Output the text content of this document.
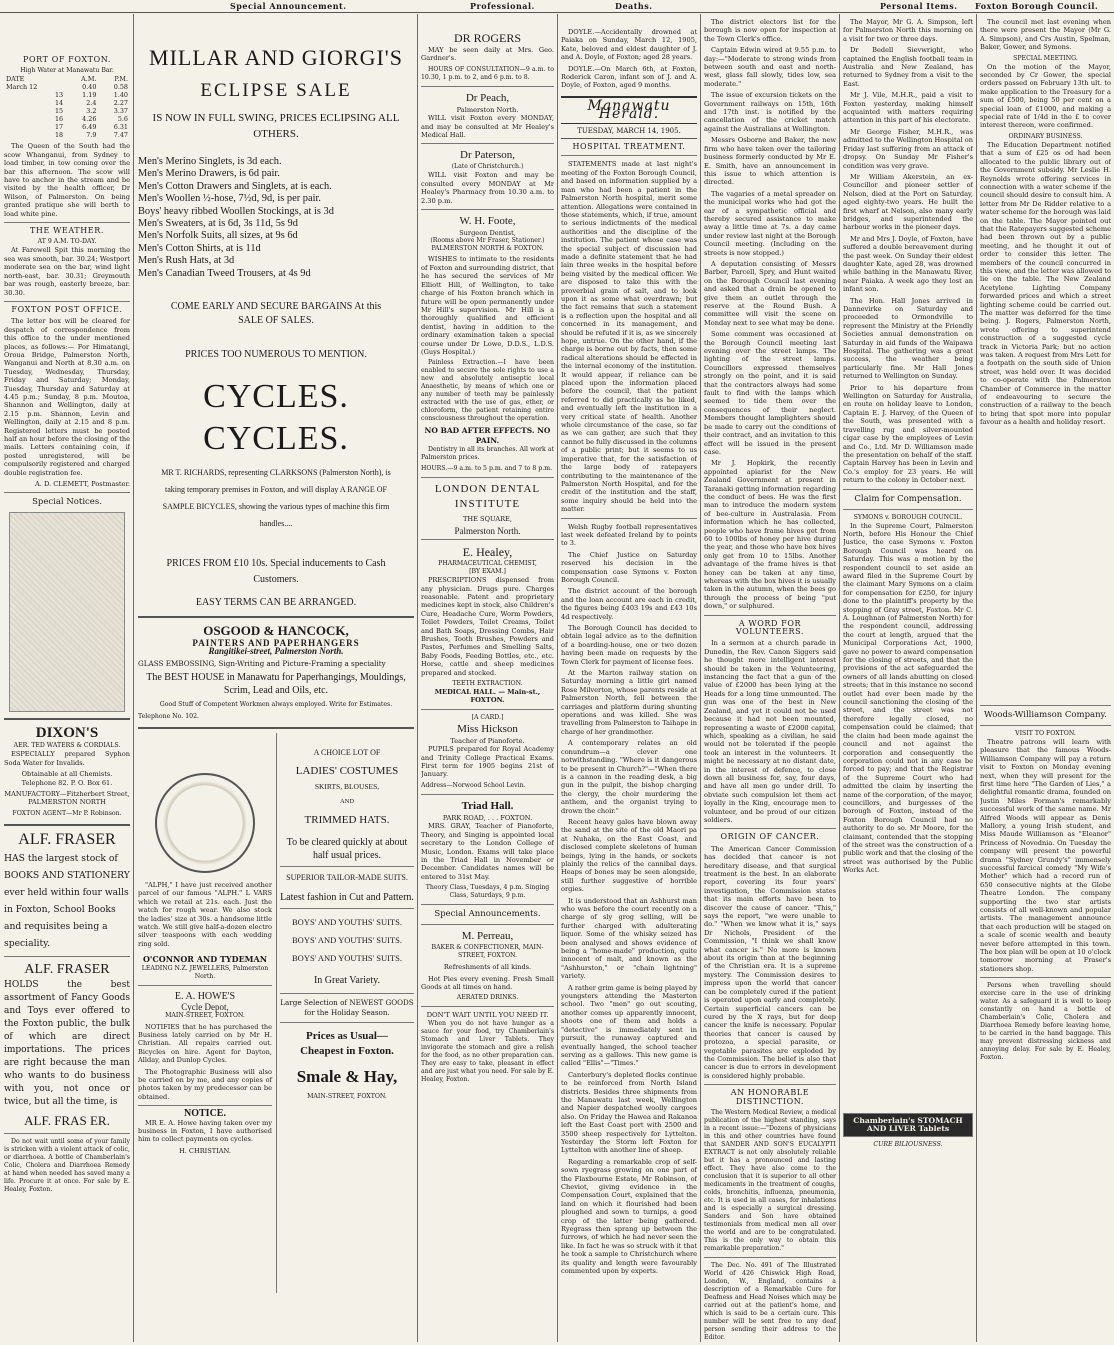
Special Announcement.	Professional.	Deaths.	Personal Items. Foxton Borough Council.
PORT OF FOXTON.
High Water at Manawatu Bar.
DATE	A.M.	P.M.
March 12	0.40	0.58
13	1.19	1.40
14	2.4	2.27
15	3.2	3.37
16	4.26	5.6
17	6.49	6.31
18	7.9	7.47

The Queen of the South had the scow Whanganui, from Sydney to load timber, in tow coming over the bar this afternoon. The scow will have to anchor in the stream and be visited by the health officer, Dr Wilson, of Palmerston. On being granted pratique she will berth to load white pine.

THE WEATHER.
AT 9 A.M. TO-DAY.

At Farewell Spit this morning the sea was smooth, bar. 30.24; Westport moderate sea on the bar, wind light north-east, bar. 30.31; Greymouth bar was rough, easterly breeze, bar. 30.30.

FOXTON POST OFFICE.

The letter box will be cleared for despatch of correspondence from this office to the under mentioned places, as follows:— For Himatangi, Oroua Bridge, Palmerston North, Wanganui and North at 8.30 a.m. on Tuesday, Wednesday, Thursday, Friday and Saturday; Monday, Tuesday, Thursday and Saturday at 4.45 p.m.; Sunday, 8 p.m. Moutoa, Shannon and Wellington, daily at 2.15 p.m. Shannon, Levin and Wellington, daily at 2.15 and 8 p.m. Registered letters must be posted half an hour before the closing of the mails. Letters containing coin, if posted unregistered, will be compulsorily registered and charged double registration fee.

A. D. CLEMETT, Postmaster.
Special Notices.
DIXON'S
AER. TED WATERS & CORDIALS.

ESPECIALLY prepared Syphon Soda Water for Invalids.

Obtainable at all Chemists.
Telephone 82. P. O. Box 61.
MANUFACTORY—Fitzherbert Street, PALMERSTON NORTH
FOXTON AGENT—Mr P. Robinson.
ALF. FRASER
HAS the largest stock of BOOKS AND STATIONERY ever held within four walls in Foxton, School Books and requisites being a speciality.
ALF. FRASER
HOLDS the best assortment of Fancy Goods and Toys ever offered to the Foxton public, the bulk of which are direct importations. The prices are right because the man who wants to do business with you, not once or twice, but all the time, is
ALF. FRAS ER.

Do not wait until some of your family is stricken with a violent attack of colic, or diarrhoea. A bottle of Chamberlain's Colic, Cholera and Diarrhoea Remedy at hand when needed has saved many a life. Procure it at once. For sale by E. Healey, Foxton.

MILLAR AND GIORGI'S
ECLIPSE SALE
IS NOW IN FULL SWING, PRICES ECLIPSING ALL OTHERS.
Men's Merino Singlets, is 3d each.
Men's Merino Drawers, is 6d pair.
Men's Cotton Drawers and Singlets, at is each.
Men's Woollen ½-hose, 7½d, 9d, is per pair.
Boys' heavy ribbed Woollen Stockings, at is 3d
Men's Sweaters, at is 6d, 3s 11d, 5s 9d
Men's Norfolk Suits, all sizes, at 9s 6d
Men's Cotton Shirts, at is 11d
Men's Rush Hats, at 3d
Men's Canadian Tweed Trousers, at 4s 9d
COME EARLY AND SECURE BARGAINS At this SALE OF SALES.
PRICES TOO NUMEROUS TO MENTION.
CYCLES. CYCLES.
MR T. RICHARDS, representing CLARKSONS (Palmerston North), is taking temporary premises in Foxton, and will display A RANGE OF SAMPLE BICYCLES, showing the various types of machine this firm handles....
PRICES FROM £10 10s. Special inducements to Cash Customers.
EASY TERMS CAN BE ARRANGED.
OSGOOD & HANCOCK,
PAINTERS AND PAPERHANGERS
Rangitikei-street, Palmerston North.
GLASS EMBOSSING, Sign-Writing and Picture-Framing a speciality
The BEST HOUSE in Manawatu for Paperhangings, Mouldings, Scrim, Lead and Oils, etc.
Good Stuff of Competent Workmen always employed. Write for Estimates.
Telephone No. 102.

"ALPH," I have just received another parcel of our famous "ALPH." L VARS which we retail at 21s. each. Just the watch for rough wear. We also stock the ladies' size at 30s. a handsome little watch. We still give half-a-dozen electro silver teaspoons with each wedding ring sold.

O'CONNOR AND TYDEMAN
LEADING N.Z. JEWELLERS, Palmerston North.
E. A. HOWE'S
Cycle Depot,
MAIN-STREET, FOXTON.

NOTIFIES that he has purchased the Business lately carried on by Mr H. Christian. All repairs carried out. Bicycles on hire. Agent for Dayton, Allday, and Dunlop Cycles.

The Photographic Business will also be carried on by me, and any copies of photos taken by my predecessor can be obtained.

NOTICE.

MR E. A. Howe having taken over my business in Foxton, I have authorised him to collect payments on cycles.

H. CHRISTIAN.
A CHOICE LOT OF
LADIES' COSTUMES
SKIRTS, BLOUSES,
AND
TRIMMED HATS.
To be cleared quickly at about half usual prices.
SUPERIOR TAILOR-MADE SUITS.
Latest fashion in Cut and Pattern.
BOYS' AND YOUTHS' SUITS.
BOYS' AND YOUTHS' SUITS.
BOYS' AND YOUTHS' SUITS.
In Great Variety.
Large Selection of NEWEST GOODS for the Holiday Season.
Prices as Usual—
Cheapest in Foxton.
Smale & Hay,
MAIN-STREET, FOXTON.
DR ROGERS

MAY be seen daily at Mrs. Geo. Gardner's.

HOURS OF CONSULTATION—9 a.m. to 10.30, 1 p.m. to 2, and 6 p.m. to 8.

Dr Peach,
Palmerston North.

WILL visit Foxton every MONDAY, and may be consulted at Mr Healey's Medical Hall.

Dr Paterson,
(Late of Christchurch.)

WILL visit Foxton and may be consulted every MONDAY at Mr Healey's Pharmacy from 10.30 a.m. to 2.30 p.m.

W. H. Foote,
Surgeon Dentist,
(Rooms above Mr Fraser, Stationer.)
PALMERSTON NORTH & FOXTON.

WISHES to intimate to the residents of Foxton and surrounding district, that he has secured the services of Mr Elliott Hill, of Wellington, to take charge of his Foxton branch which in future will be open permanently under Mr Hill's supervision. Mr Hill is a thoroughly qualified and efficient dentist, having in addition to the ordinary examination taken a special course under Dr Lowe, D.D.S., L.D.S. (Guys Hospital.)

Painless Extraction.—I have been enabled to secure the sole rights to use a new and absolutely antiseptic local Anaesthetic, by means of which one or any number of teeth may be painlessly extracted with the use of gas, ether, or chloroform, the patient retaining entire consciousness throughout the operation.

NO BAD AFTER EFFECTS. NO PAIN.

Dentistry in all its branches. All work at Palmerston prices.

HOURS.—9 a.m. to 5 p.m. and 7 to 8 p.m.
LONDON DENTAL INSTITUTE
THE SQUARE,
Palmerston North.
E. Healey,
PHARMACEUTICAL CHEMIST,
[BY EXAM.]

PRESCRIPTIONS dispensed from any physician. Drugs pure. Charges reasonable. Patent and proprietary medicines kept in stock, also Children's Cure, Headache Cure, Worm Powders, Toilet Powders, Toilet Creams, Toilet and Bath Soaps, Dressing Combs, Hair Brushes, Tooth Brushes, Powders and Pastes, Perfumes and Smelling Salts, Baby Foods, Feeding Bottles, etc., etc. Horse, cattle and sheep medicines prepared and stocked.

TEETH EXTRACTION.
MEDICAL HALL. — Main-st., FOXTON.
[A CARD.]
Miss Hickson
Teacher of Pianoforte.

PUPILS prepared for Royal Academy and Trinity College Practical Exams. First term for 1905 begins 21st of January.

Address—Norwood School Levin.
Triad Hall.
PARK ROAD, . . . FOXTON.

MRS. GRAY, Teacher of Pianoforte, Theory, and Singing is appointed local secretary to the London College of Music, London. Exams will take place in the Triad Hall in November or December. Candidates names will be entered to 31st May.

Theory Class, Tuesdays, 4 p.m. Singing Class, Saturdays, 9 p.m.
Special Announcements.
M. Perreau,
BAKER & CONFECTIONER, MAIN-STREET, FOXTON.
Refreshments of all kinds.

Hot Pies every evening. Fresh Small Goods at all times on hand.

AERATED DRINKS.
DON'T WAIT UNTIL YOU NEED IT.

When you do not have hunger as a sauce for your food, try Chamberlain's Stomach and Liver Tablets. They invigorate the stomach and give a relish for the food, as no other preparation can. They are easy to take, pleasant in effect and are just what you need. For sale by E. Healey, Foxton.

DOYLE.—Accidentally drowned at Paiaka on Sunday, March 12, 1905, Kate, beloved and eldest daughter of J. and A. Doyle, of Foxton; aged 28 years.

DOYLE.—On March 6th, at Foxton, Roderick Caron, infant son of J. and A. Doyle, of Foxton, aged 9 months.

Manawatu Herald.
TUESDAY, MARCH 14, 1905.
HOSPITAL TREATMENT.

STATEMENTS made at last night's meeting of the Foxton Borough Council, and based on information supplied by a man who had been a patient in the Palmerston North hospital, merit some attention. Allegations were contained in those statements, which, if true, amount to serious indictments of the medical authorities and the discipline of the institution. The patient whose case was the special subject of discussion had made a definite statement that he had lain three weeks in the hospital before being visited by the medical officer. We are disposed to take this with the proverbial grain of salt, and to look upon it as some what overdrawn; but the fact remains that such a statement is a reflection upon the hospital and all concerned in its management, and should be refuted if it is, as we sincerely hope, untrue. On the other hand, if the charge is borne out by facts, then some radical alterations should be effected in the internal economy of the institution. It would appear, if reliance can be placed upon the information placed before the council, that the patient referred to did practically as he liked, and eventually left the institution in a very critical state of health. Another whole circumstance of the case, so far as we can gather, are such that they cannot be fully discussed in the columns of a public print; but it seems to us imperative that, for the satisfaction of the large body of ratepayers contributing to the maintenance of the Palmerston North Hospital, and for the credit of the institution and the staff, some inquiry should be held into the matter.

Welsh Rugby football representatives last week defeated Ireland by to points to 3.

The Chief Justice on Saturday reserved his decision in the compensation case Symons v. Foxton Borough Council.

The district account of the borough and the loan account are each in credit, the figures being £403 19s and £43 10s 4d respectively.

The Borough Council has decided to obtain legal advice as to the definition of a boarding-house, one or two dozen having been made on requests by the Town Clerk for payment of license fees.

At the Marton railway station on Saturday morning a little girl named Rose Milverton, whose parents reside at Palmerston North, fell between the carriages and platform during shunting operations and was killed. She was travelling from Palmerston to Taihape in charge of her grandmother.

A contemporary relates an old conundrum—a clever one notwithstanding. "Where is it dangerous to be present in Church?"—"When there is a cannon in the reading desk, a big gun in the pulpit, the bishop charging the clergy, the choir murdering the anthem, and the organist trying to drown the choir."

Recent heavy gales have blown away the sand at the site of the old Maori pa at Nuhaka, on the East Coast, and disclosed complete skeletons of human beings, lying in the hands, or sockets plainly the relics of the cannibal days. Heaps of bones may be seen alongside, still further suggestive of horrible orgies.

It is understood that an Ashhurst man who was before the court recently on a charge of sly grog selling, will be further charged with adulterating liquor. Some of the whisky seized has been analysed and shows evidence of being a "home-made" production, quite innocent of malt, and known as the "Ashhurston," or "chain lightning" variety.

A rather grim game is being played by youngsters attending the Masterton school. Two "men" go out scouting, another comes up apparently innocent, shoots one of them and holds a "detective" is immediately sent in pursuit, the runaway captured and eventually hanged, the school teacher serving as a gallows. This new game is called "Ellis"—"Times."

Canterbury's depleted flocks continue to be reinforced from North Island districts. Besides three shipments from the Manawatu last week, Wellington and Napier despatched woolly cargoes also. On Friday the Hawea and Rakanoa left the East Coast port with 2500 and 3500 sheep respectively for Lyttelton. Yesterday the Storm left Foxton for Lyttelton with another line of sheep.

Regarding a remarkable crop of self-sown ryegrass growing on one part of the Flaxbourne Estate, Mr Robinson, of Cheviot, giving evidence in the Compensation Court, explained that the land on which it flourished had been ploughed and sown to turnips, a good crop of the latter being gathered. Ryegrass then sprang up between the furrows, of which he had never seen the like. In fact he was so struck with it that he took a sample to Christchurch where its quality and length were favourably commented upon by experts.

The district electors list for the borough is now open for inspection at the Town Clerk's office.

Captain Edwin wired at 9.55 p.m. to day:—"Moderate to strong winds from between south and east and north-west, glass fall slowly, tides low, sea moderate."

The issue of excursion tickets on the Government railways on 15th, 16th and 17th inst. is notified by the cancellation of the cricket match against the Australians at Wellington.

Messrs Osborne and Baker, the new firm who have taken over the tailoring business formerly conducted by Mr E. E. Smith, have an announcement in this issue to which attention is directed.

The vagaries of a metal spreader on the municipal works who had got the ear of a sympathetic official and thereby secured assistance to make away a little time at 7s. a day came under review last night at the Borough Council meeting. (Including on the streets is now stopped.)

A deputation consisting of Messrs Barber, Parcell, Spry, and Hunt waited on the Borough Council last evening and asked that a drain be opened to give them an outlet through the reserve at the Round Bush. A committee will visit the scene on Monday next to see what may be done.

Some comment was occasioned at the Borough Council meeting last evening over the street lamps. The lighting of the street lamps. Councillors expressed themselves strongly on the point, and it is said that the contractors always had some fault to find with the lamps which seemed to tide them over the consequences of their neglect. Members thought lamplighters should be made to carry out the conditions of their contract, and an invitation to this effect will be issued in the present case.

Mr J. Hopkirk, the recently appointed apiarist for the New Zealand Government at present in Taranaki getting information regarding the conduct of bees. He was the first man to introduce the modern system of bee-culture in Australasia. From information which he has collected, people who have frame hives get from 60 to 100lbs of honey per hive during the year, and those who have box hives only get from 10 to 15lbs. Another advantage of the frame hives is that honey can be taken at any time, whereas with the box hives it is usually taken in the autumn, when the bees go through the process of being "put down," or sulphured.

A WORD FOR VOLUNTEERS.

In a sermon at a church parade in Dunedin, the Rev. Canon Siggers said he thought more intelligent interest should be taken in the Volunteering, instancing the fact that a gun of the value of £2000 has been lying at the Heads for a long time unmounted. The gun was one of the best in New Zealand, and yet it could not be used because it had not been mounted, representing a waste of £2000 capital, which, speaking as a civilian, he said would not be tolerated if the people took an interest in the volunteers. It might be necessary at no distant date, in the interest of defence, to close down all business for, say, four days, and have all men go under drill. To obviate such compulsion let them act loyally in the King, encourage men to volunteer, and be proud of our citizen soldiers.

ORIGIN OF CANCER.

The American Cancer Commission has decided that cancer is not hereditary disease, and that surgical treatment is the best. In an elaborate report, covering its four years' investigation, the Commission states that its main efforts have been to discover the cause of cancer. "This," says the report, "we were unable to do." "When we know what it is," says Dr Nichols, President of the Commission, "I think we shall know what cancer is." No more is known about its origin than at the beginning of the Christian era. It is a supreme mystery. The Commission desires to impress upon the world that cancer can be completely cured if the patient is operated upon early and completely. Certain superficial cancers can be cured by the X rays, but for deep cancer the knife is necessary. Popular theories that cancer is caused by protozoa, a special parasite, or vegetable parasites are exploded by the Commission. The belief is also that cancer is due to errors in development is considered highly probable.

AN HONORABLE DISTINCTION.

The Western Medical Review, a medical publication of the highest standing, says in a recent issue:—"Dozens of physicians in this and other countries have found that SANDER AND SON'S EUCALYPTI EXTRACT is not only absolutely reliable but it has a pronounced and lasting effect. They have also come to the conclusion that it is superior to all other medicaments in the treatment of coughs, colds, bronchitis, influenza, pneumonia, etc. It is used in all cases, for inhalations and is especially a surgical dressing. Sanders and Son have obtained testimonials from medical men all over the world and are to be congratulated. This is the only way to obtain this remarkable preparation."

The Dec. No. 491 of The Illustrated World of 426 Chiswick High Road, London, W., England, contains a description of a Remarkable Cure for Deafness and Head Noises which may be carried out at the patient's home, and which is said to be a certain cure. This number will be sent free to any deaf person sending their address to the Editor.

The Mayor, Mr G. A. Simpson, left for Palmerston North this morning on a visit for two or three days.

Dr Bedell Sievwright, who captained the English football team in Australia and New Zealand, has returned to Sydney from a visit to the East.

Mr J. Vile, M.H.R., paid a visit to Foxton yesterday, making himself acquainted with matters requiring attention in this part of his electorate.

Mr George Fisher, M.H.R., was admitted to the Wellington Hospital on Friday last suffering from an attack of dropsy. On Sunday Mr Fisher's condition was very grave.

Mr William Akerstein, an ex-Councillor and pioneer settler of Nelson, died at the Port on Saturday, aged eighty-two years. He built the first wharf at Nelson, also many early bridges, and superintended the harbour works in the pioneer days.

Mr and Mrs J. Doyle, of Foxton, have suffered a double bereavement during the past week. On Sunday their eldest daughter Kate, aged 28, was drowned while bathing in the Manawatu River, near Paiaka. A week ago they lost an infant son.

The Hon. Hall Jones arrived in Dannevirke on Saturday and proceeded to Ormondville to represent the Ministry at the Friendly Societies annual demonstration on Saturday in aid funds of the Waipawa Hospital. The gathering was a great success, the weather being particularly fine. Mr Hall Jones returned to Wellington on Sunday.

Prior to his departure from Wellington on Saturday for Australia, en route on holiday leave to London, Captain E. J. Harvey, of the Queen of the South, was presented with a travelling rug and silver-mounted cigar case by the employees of Levin and Co., Ltd. Mr D. Williamson made the presentation on behalf of the staff. Captain Harvey has been in Levin and Co.'s employ for 23 years. He will return to the colony in October next.

Claim for Compensation.
SYMONS v. BOROUGH COUNCIL.

In the Supreme Court, Palmerston North, before His Honour the Chief Justice, the case Symons v. Foxton Borough Council was heard on Saturday. This was a motion by the respondent council to set aside an award filed in the Supreme Court by the claimant Mary Symons on a claim for compensation for £250, for injury done to the plaintiff's property by the stopping of Gray street, Foxton. Mr C. A. Loughnan (of Palmerston North) for the respondent council, addressing the court at length, argued that the Municipal Corporations Act, 1900, gave no power to award compensation for the closing of streets, and that the provisions of the act safeguarded the owners of all lands abutting on closed streets; that in this instance no second outlet had ever been made by the council sanctioning the closing of the street, and the street was not therefore legally closed, no compensation could be claimed; that the claim had been made against the council and not against the corporation and consequently the corporation could not in any case be forced to pay; and that the Registrar of the Supreme Court who had admitted the claim by inserting the name of the corporation, of the mayor, councillors, and burgesses of the borough of Foxton, instead of the Foxton Borough Council had no authority to do so. Mr Moore, for the claimant, contended that the stopping of the street was the construction of a public work and that the closing of the street was authorised by the Public Works Act.

Chamberlain's STOMACH AND LIVER Tablets
CURE BILIOUSNESS.

The council met last evening when there were present the Mayor (Mr G. A. Simpson), and Crs Austin, Spelman, Baker, Gower, and Symons.

SPECIAL MEETING.

On the motion of the Mayor, seconded by Cr Gower, the special orders passed on February 13th ult. to make application to the Treasury for a sum of £500, being 50 per cent on a special loan of £1000, and making a special rate of 1/4d in the £ to cover interest thereon, were confirmed.

ORDINARY BUSINESS.

The Education Department notified that a sum of £25 os od had been allocated to the public library out of the Government subsidy. Mr Leslie H. Reynolds wrote offering services in connection with a water scheme if the council should desire to consult him. A letter from Mr De Ridder relative to a water scheme for the borough was laid on the table. The Mayor pointed out that the Ratepayers suggested scheme had been thrown out by a public meeting, and he thought it out of order to consider this letter. The members of the council concurred in this view, and the letter was allowed to lie on the table. The New Zealand Acetylene Lighting Company forwarded prices and which a street lighting scheme could be carried out. The matter was deferred for the time being. J. Rogers, Palmerston North, wrote offering to superintend construction of a suggested cycle track in Victoria Park; but no action was taken. A request from Mrs Lett for a footpath on the south side of Union street, was held over. It was decided to co-operate with the Palmerston Chamber of Commerce in the matter of endeavouring to secure the construction of a railway to the beach to bring that spot more into popular favour as a health and holiday resort.

Woods-Williamson Company.
VISIT TO FOXTON.

Theatre patrons will learn with pleasure that the famous Woods-Williamson Company will pay a return visit to Foxton on Monday evening next, when they will present for the first time here "The Garden of Lies," a delightful romantic drama, founded on Justin Miles Forman's remarkably successful work of the same name. Mr Alfred Woods will appear as Denis Mallory, a young Irish student, and Miss Maude Williamson as "Eleanor" Princess of Novodnia. On Tuesday the company will present the powerful drama "Sydney Grundy's" immensely successful farcical comedy "My Wife's Mother" which had a record run of 650 consecutive nights at the Globe Theatre London. The company supporting the two star artists consists of all well-known and popular artists. The management announce that each production will be staged on a scale of scenic wealth and beauty never before attempted in this town. The box plan will be open at 10 o'clock tomorrow morning at Fraser's stationers shop.

Persons when travelling should exercise care in the use of drinking water. As a safeguard it is well to keep constantly on hand a bottle of Chamberlain's Colic, Cholera and Diarrhoea Remedy before leaving home, to be carried in the hand baggage. This may prevent distressing sickness and annoying delay. For sale by E. Healey, Foxton.
